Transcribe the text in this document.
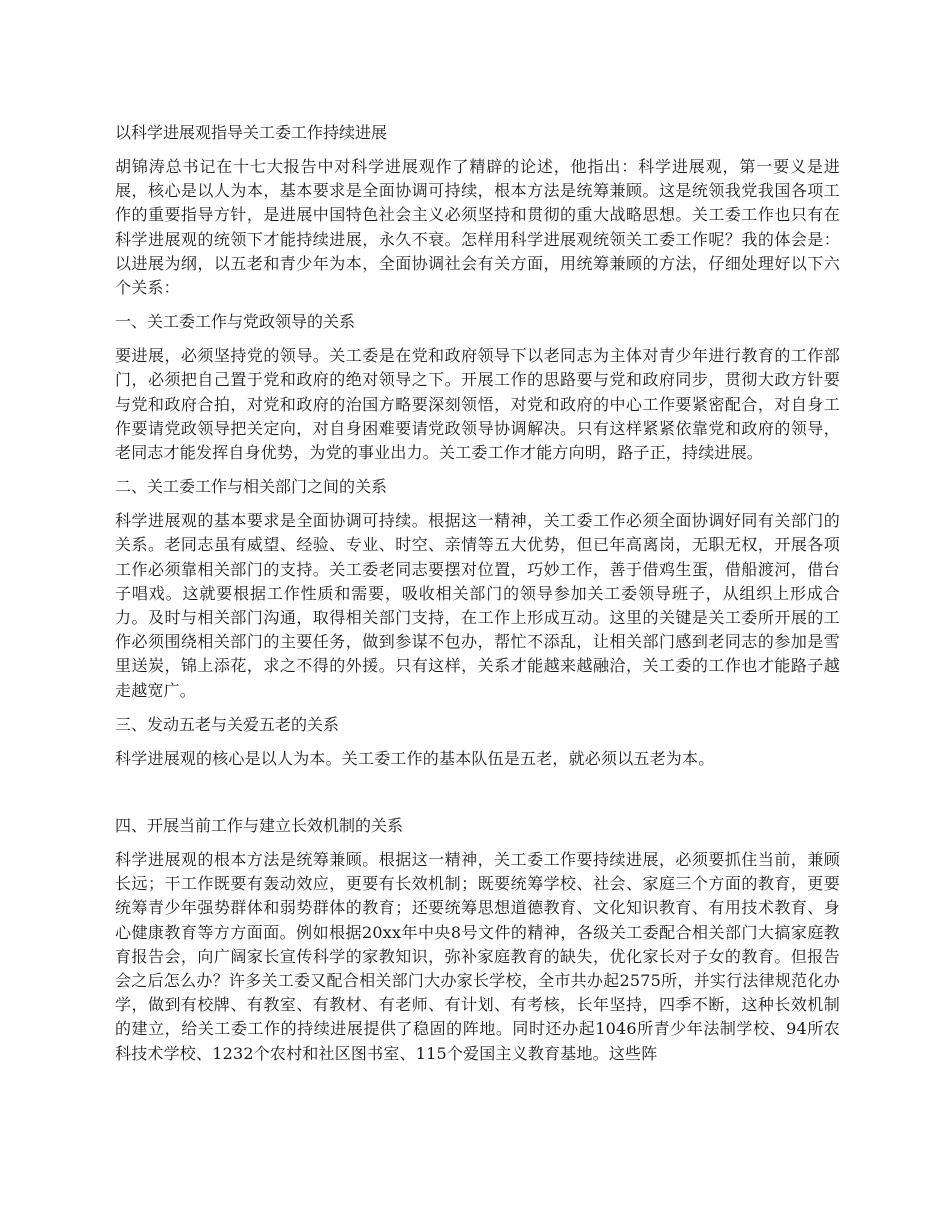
以科学进展观指导关工委工作持续进展
胡锦涛总书记在十七大报告中对科学进展观作了精辟的论述，他指出：科学进展观，第一要义是进展，核心是以人为本，基本要求是全面协调可持续，根本方法是统筹兼顾。这是统领我党我国各项工作的重要指导方针，是进展中国特色社会主义必须坚持和贯彻的重大战略思想。关工委工作也只有在科学进展观的统领下才能持续进展，永久不衰。怎样用科学进展观统领关工委工作呢？我的体会是：以进展为纲，以五老和青少年为本，全面协调社会有关方面，用统筹兼顾的方法，仔细处理好以下六个关系：
一、关工委工作与党政领导的关系
要进展，必须坚持党的领导。关工委是在党和政府领导下以老同志为主体对青少年进行教育的工作部门，必须把自己置于党和政府的绝对领导之下。开展工作的思路要与党和政府同步，贯彻大政方针要与党和政府合拍，对党和政府的治国方略要深刻领悟，对党和政府的中心工作要紧密配合，对自身工作要请党政领导把关定向，对自身困难要请党政领导协调解决。只有这样紧紧依靠党和政府的领导，老同志才能发挥自身优势，为党的事业出力。关工委工作才能方向明，路子正，持续进展。
二、关工委工作与相关部门之间的关系
科学进展观的基本要求是全面协调可持续。根据这一精神，关工委工作必须全面协调好同有关部门的关系。老同志虽有威望、经验、专业、时空、亲情等五大优势，但已年高离岗，无职无权，开展各项工作必须靠相关部门的支持。关工委老同志要摆对位置，巧妙工作，善于借鸡生蛋，借船渡河，借台子唱戏。这就要根据工作性质和需要，吸收相关部门的领导参加关工委领导班子，从组织上形成合力。及时与相关部门沟通，取得相关部门支持，在工作上形成互动。这里的关键是关工委所开展的工作必须围绕相关部门的主要任务，做到参谋不包办，帮忙不添乱，让相关部门感到老同志的参加是雪里送炭，锦上添花，求之不得的外援。只有这样，关系才能越来越融洽，关工委的工作也才能路子越走越宽广。
三、发动五老与关爱五老的关系
科学进展观的核心是以人为本。关工委工作的基本队伍是五老，就必须以五老为本。
四、开展当前工作与建立长效机制的关系
科学进展观的根本方法是统筹兼顾。根据这一精神，关工委工作要持续进展，必须要抓住当前，兼顾长远；干工作既要有轰动效应，更要有长效机制；既要统筹学校、社会、家庭三个方面的教育，更要统筹青少年强势群体和弱势群体的教育；还要统筹思想道德教育、文化知识教育、有用技术教育、身心健康教育等方方面面。例如根据20xx年中央8号文件的精神，各级关工委配合相关部门大搞家庭教育报告会，向广阔家长宣传科学的家教知识，弥补家庭教育的缺失，优化家长对子女的教育。但报告会之后怎么办？许多关工委又配合相关部门大办家长学校，全市共办起2575所，并实行法律规范化办学，做到有校牌、有教室、有教材、有老师、有计划、有考核，长年坚持，四季不断，这种长效机制的建立，给关工委工作的持续进展提供了稳固的阵地。同时还办起1046所青少年法制学校、94所农科技术学校、1232个农村和社区图书室、115个爱国主义教育基地。这些阵
